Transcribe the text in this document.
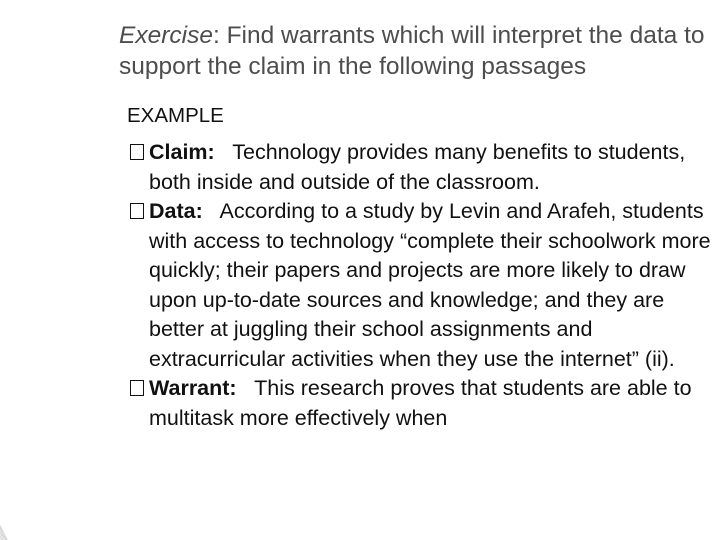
Exercise: Find warrants which will interpret the data to support the claim in the following passages
EXAMPLE
Claim:   Technology provides many benefits to students, both inside and outside of the classroom.
Data:   According to a study by Levin and Arafeh, students with access to technology “complete their schoolwork more quickly; their papers and projects are more likely to draw upon up-to-date sources and knowledge; and they are better at juggling their school assignments and extracurricular activities when they use the internet” (ii).
Warrant:   This research proves that students are able to multitask more effectively when
